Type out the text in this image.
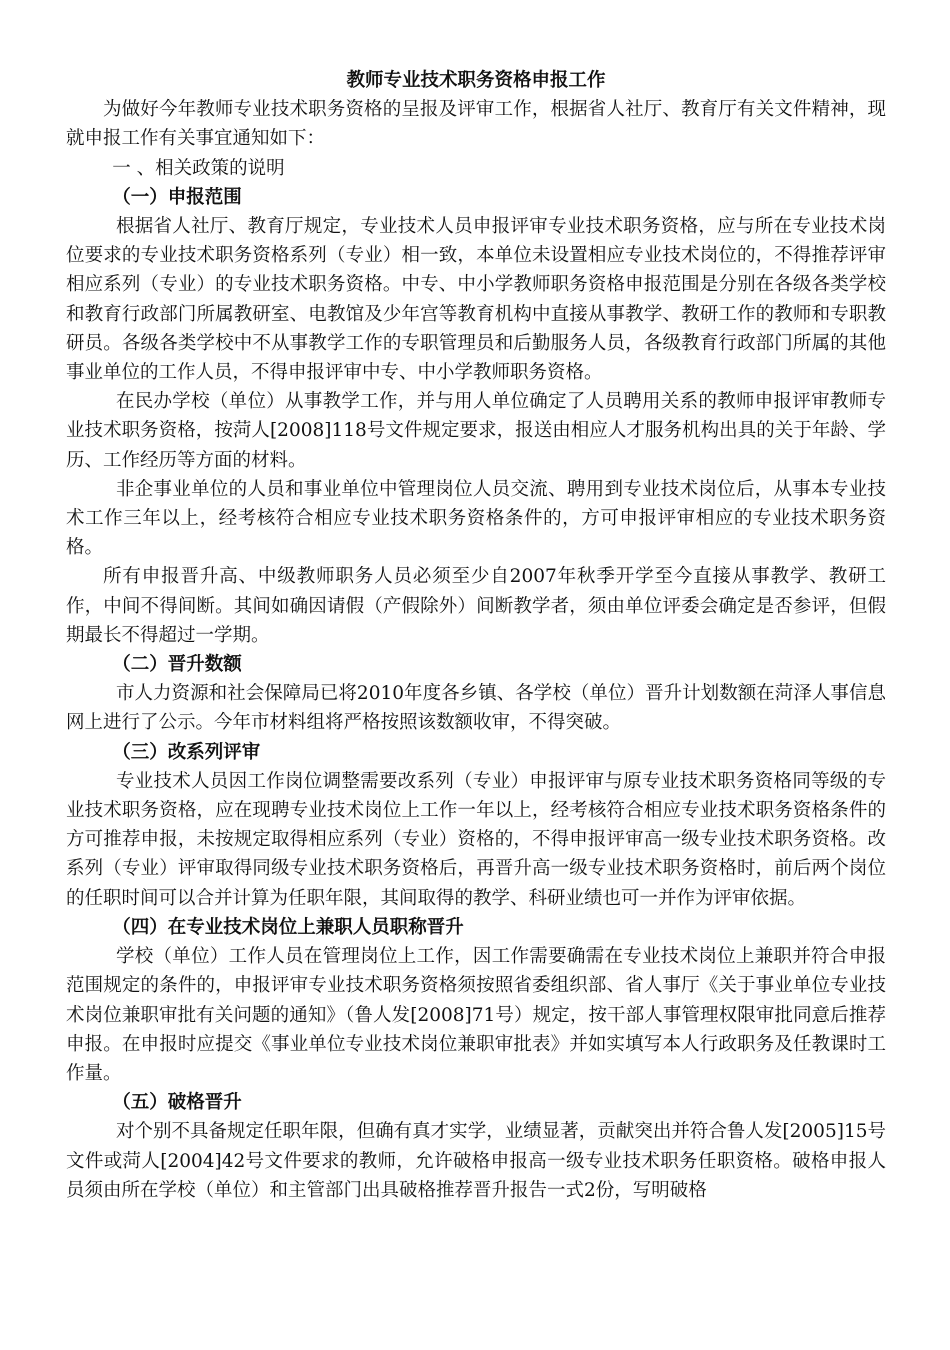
教师专业技术职务资格申报工作

为做好今年教师专业技术职务资格的呈报及评审工作，根据省人社厅、教育厅有关文件精神，现就申报工作有关事宜通知如下：

一 、相关政策的说明
（一）申报范围

根据省人社厅、教育厅规定，专业技术人员申报评审专业技术职务资格，应与所在专业技术岗位要求的专业技术职务资格系列（专业）相一致，本单位未设置相应专业技术岗位的，不得推荐评审相应系列（专业）的专业技术职务资格。中专、中小学教师职务资格申报范围是分别在各级各类学校和教育行政部门所属教研室、电教馆及少年宫等教育机构中直接从事教学、教研工作的教师和专职教研员。各级各类学校中不从事教学工作的专职管理员和后勤服务人员，各级教育行政部门所属的其他事业单位的工作人员，不得申报评审中专、中小学教师职务资格。

在民办学校（单位）从事教学工作，并与用人单位确定了人员聘用关系的教师申报评审教师专业技术职务资格，按菏人[2008]118号文件规定要求，报送由相应人才服务机构出具的关于年龄、学历、工作经历等方面的材料。

非企事业单位的人员和事业单位中管理岗位人员交流、聘用到专业技术岗位后，从事本专业技术工作三年以上，经考核符合相应专业技术职务资格条件的，方可申报评审相应的专业技术职务资格。

所有申报晋升高、中级教师职务人员必须至少自2007年秋季开学至今直接从事教学、教研工作，中间不得间断。其间如确因请假（产假除外）间断教学者，须由单位评委会确定是否参评，但假期最长不得超过一学期。

（二）晋升数额

市人力资源和社会保障局已将2010年度各乡镇、各学校（单位）晋升计划数额在菏泽人事信息网上进行了公示。今年市材料组将严格按照该数额收审，不得突破。

（三）改系列评审

专业技术人员因工作岗位调整需要改系列（专业）申报评审与原专业技术职务资格同等级的专业技术职务资格，应在现聘专业技术岗位上工作一年以上，经考核符合相应专业技术职务资格条件的方可推荐申报，未按规定取得相应系列（专业）资格的，不得申报评审高一级专业技术职务资格。改系列（专业）评审取得同级专业技术职务资格后，再晋升高一级专业技术职务资格时，前后两个岗位的任职时间可以合并计算为任职年限，其间取得的教学、科研业绩也可一并作为评审依据。

（四）在专业技术岗位上兼职人员职称晋升

学校（单位）工作人员在管理岗位上工作，因工作需要确需在专业技术岗位上兼职并符合申报范围规定的条件的，申报评审专业技术职务资格须按照省委组织部、省人事厅《关于事业单位专业技术岗位兼职审批有关问题的通知》（鲁人发[2008]71号）规定，按干部人事管理权限审批同意后推荐申报。在申报时应提交《事业单位专业技术岗位兼职审批表》并如实填写本人行政职务及任教课时工作量。

（五）破格晋升

对个别不具备规定任职年限，但确有真才实学，业绩显著，贡献突出并符合鲁人发[2005]15号文件或菏人[2004]42号文件要求的教师，允许破格申报高一级专业技术职务任职资格。破格申报人员须由所在学校（单位）和主管部门出具破格推荐晋升报告一式2份，写明破格
